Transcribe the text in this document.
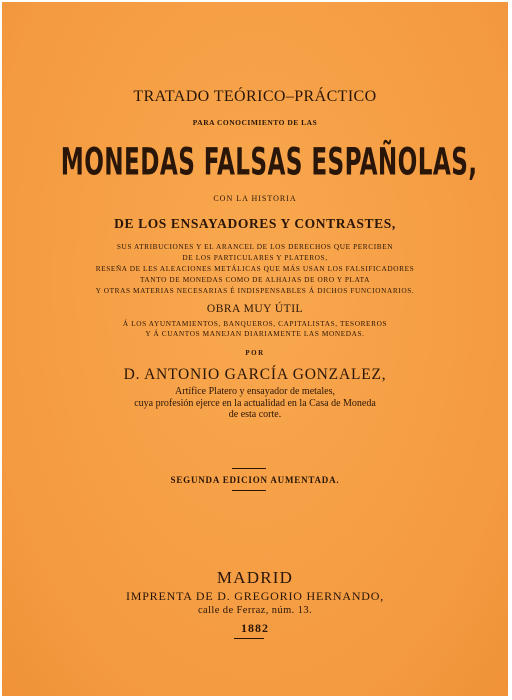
TRATADO TEÓRICO–PRÁCTICO
PARA CONOCIMIENTO DE LAS
MONEDAS FALSAS ESPAÑOLAS,
CON LA HISTORIA
DE LOS ENSAYADORES Y CONTRASTES,
SUS ATRIBUCIONES Y EL ARANCEL DE LOS DERECHOS QUE PERCIBEN
DE LOS PARTICULARES Y PLATEROS,
RESEÑA DE LES ALEACIONES METÁLICAS QUE MÁS USAN LOS FALSIFICADORES
TANTO DE MONEDAS COMO DE ALHAJAS DE ORO Y PLATA
Y OTRAS MATERIAS NECESARIAS É INDISPENSABLES Á DICHOS FUNCIONARIOS.
OBRA MUY ÚTIL
Á LOS AYUNTAMIENTOS, BANQUEROS, CAPITALISTAS, TESOREROS
Y Á CUANTOS MANEJAN DIARIAMENTE LAS MONEDAS.
POR
D. ANTONIO GARCÍA GONZALEZ,
Artífice Platero y ensayador de metales,
cuya profesión ejerce en la actualidad en la Casa de Moneda
de esta corte.
SEGUNDA EDICION AUMENTADA.
MADRID
IMPRENTA DE D. GREGORIO HERNANDO,
calle de Ferraz, núm. 13.
1882
